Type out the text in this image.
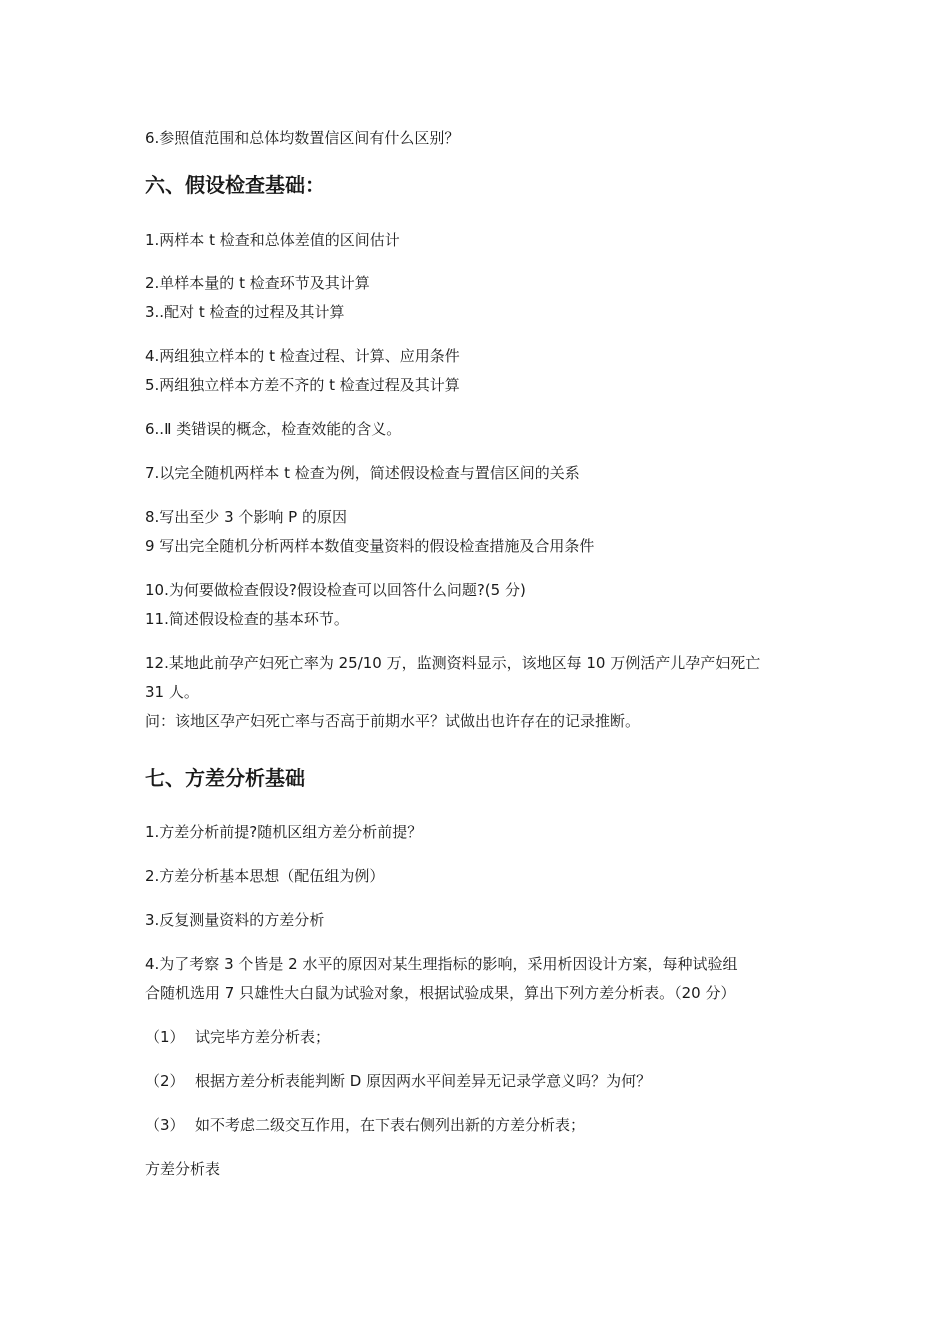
6.参照值范围和总体均数置信区间有什么区别？
六、假设检查基础：
1.两样本 t 检查和总体差值的区间估计
2.单样本量的 t 检查环节及其计算
3..配对 t 检查的过程及其计算
4.两组独立样本的 t 检查过程、计算、应用条件
5.两组独立样本方差不齐的 t 检查过程及其计算
6..Ⅱ 类错误的概念，检查效能的含义。
7.以完全随机两样本 t 检查为例，简述假设检查与置信区间的关系
8.写出至少 3 个影响 P 的原因
9 写出完全随机分析两样本数值变量资料的假设检查措施及合用条件
10.为何要做检查假设?假设检查可以回答什么问题?(5 分)
11.简述假设检查的基本环节。
12.某地此前孕产妇死亡率为 25/10 万，监测资料显示，该地区每 10 万例活产儿孕产妇死亡
31 人。
问：该地区孕产妇死亡率与否高于前期水平？试做出也许存在的记录推断。
七、方差分析基础
1.方差分析前提?随机区组方差分析前提？
2.方差分析基本思想（配伍组为例）
3.反复测量资料的方差分析
4.为了考察 3 个皆是 2 水平的原因对某生理指标的影响，采用析因设计方案，每种试验组
合随机选用 7 只雄性大白鼠为试验对象，根据试验成果，算出下列方差分析表。（20 分）
（1） 试完毕方差分析表；
（2） 根据方差分析表能判断 D 原因两水平间差异无记录学意义吗？为何？
（3） 如不考虑二级交互作用，在下表右侧列出新的方差分析表；
方差分析表
